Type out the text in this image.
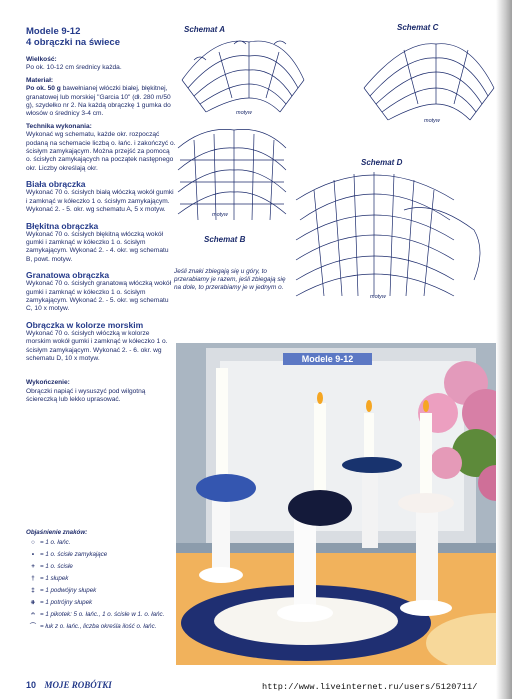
Modele 9-12
4 obrączki na świece
Wielkość:

Po ok. 10-12 cm średnicy każda.

Materiał:

Po ok. 50 g bawełnianej włóczki białej, błękitnej, granatowej lub morskiej "Garcia 10" (dł. 280 m/50 g), szydełko nr 2. Na każdą obrączkę 1 gumka do włosów o średnicy 3-4 cm.

Technika wykonania:

Wykonać wg schematu, każde okr. rozpocząć podaną na schemacie liczbą o. łańc. i zakończyć o. ścisłym zamykającym. Można przejść za pomocą o. ścisłych zamykających na początek następnego okr. Liczby określają okr.

Biała obrączka

Wykonać 70 o. ścisłych białą włóczką wokół gumki i zamknąć w kółeczko 1 o. ścisłym zamykającym. Wykonać 2. - 5. okr. wg schematu A, 5 x motyw.

Błękitna obrączka

Wykonać 70 o. ścisłych błękitną włóczką wokół gumki i zamknąć w kółeczko 1 o. ścisłym zamykającym. Wykonać 2. - 4. okr. wg schematu B, powt. motyw.

Granatowa obrączka

Wykonać 70 o. ścisłych granatową włóczką wokół gumki i zamknąć w kółeczko 1 o. ścisłym zamykającym. Wykonać 2. - 5. okr. wg schematu C, 10 x motyw.

Obrączka w kolorze morskim

Wykonać 70 o. ścisłych włóczką w kolorze morskim wokół gumki i zamknąć w kółeczko 1 o. ścisłym zamykającym. Wykonać 2. - 6. okr. wg schematu D, 10 x motyw.

Wykończenie:

Obrączki napiąć i wysuszyć pod wilgotną ściereczką lub lekko uprasować.

Objaśnienie znaków:
○ = 1 o. łańc.
• = 1 o. ścisłe zamykające
+ = 1 o. ścisłe
† = 1 słupek
‡ = 1 podwójny słupek
⧺ = 1 potrójny słupek
ᴖ = 1 pikotek: 5 o. łańc., 1 o. ścisłe w 1. o. łańc.
⌒ = łuk z o. łańc., liczba określa ilość o. łańc.
Schemat A	Schemat C
Schemat B
Schemat D
motyw
motyw
motyw
motyw
Jeśli znaki zbiegają się u góry, to przerabiamy je razem, jeśli zbiegają się na dole, to przerabiamy je w jednym o.
Modele 9-12
10 MOJE ROBÓTKI	http://www.liveinternet.ru/users/5120711/
